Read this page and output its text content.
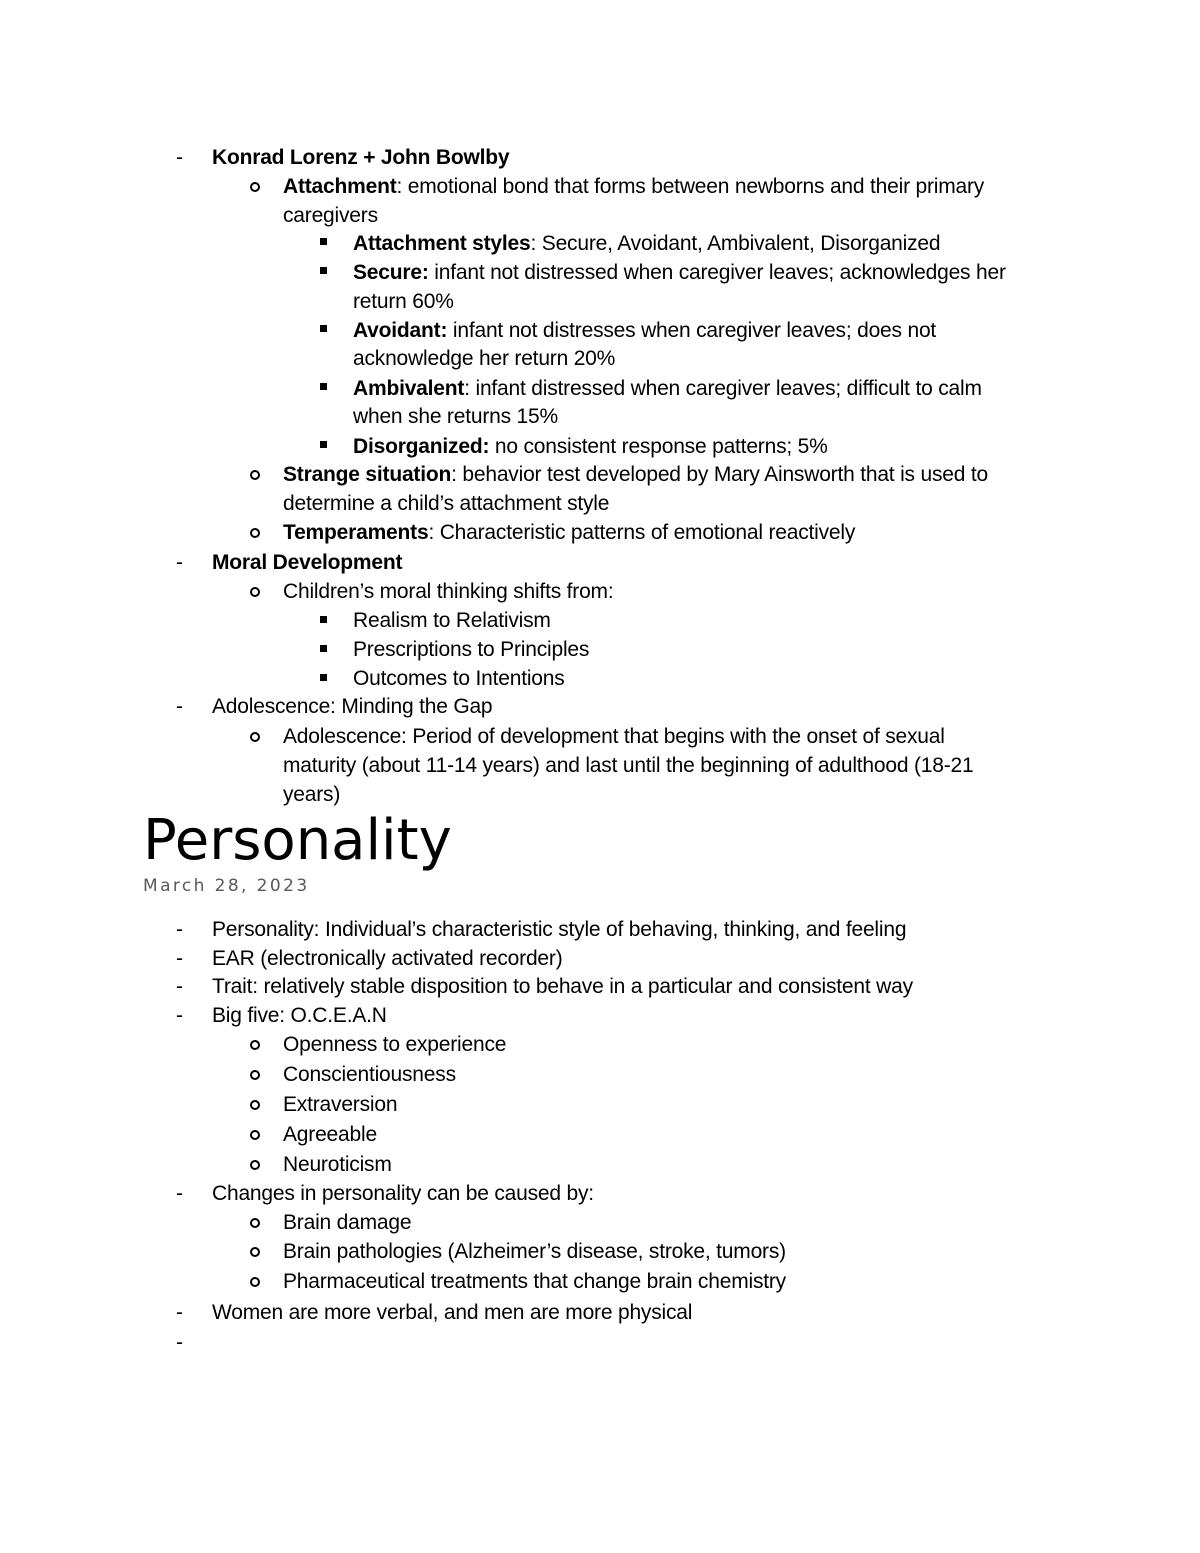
-	Konrad Lorenz + John Bowlby
Attachment: emotional bond that forms between newborns and their primary
caregivers
Attachment styles: Secure, Avoidant, Ambivalent, Disorganized
Secure: infant not distressed when caregiver leaves; acknowledges her
return 60%
Avoidant: infant not distresses when caregiver leaves; does not
acknowledge her return 20%
Ambivalent: infant distressed when caregiver leaves; difficult to calm
when she returns 15%
Disorganized: no consistent response patterns; 5%
Strange situation: behavior test developed by Mary Ainsworth that is used to
determine a child’s attachment style
Temperaments: Characteristic patterns of emotional reactively
-	Moral Development
Children’s moral thinking shifts from:
Realism to Relativism
Prescriptions to Principles
Outcomes to Intentions
-	Adolescence: Minding the Gap
Adolescence: Period of development that begins with the onset of sexual
maturity (about 11-14 years) and last until the beginning of adulthood (18-21
years)
Personality
March 28, 2023
-	Personality: Individual’s characteristic style of behaving, thinking, and feeling
-	EAR (electronically activated recorder)
-	Trait: relatively stable disposition to behave in a particular and consistent way
-	Big five: O.C.E.A.N
Openness to experience
Conscientiousness
Extraversion
Agreeable
Neuroticism
-	Changes in personality can be caused by:
Brain damage
Brain pathologies (Alzheimer’s disease, stroke, tumors)
Pharmaceutical treatments that change brain chemistry
-	Women are more verbal, and men are more physical
-
